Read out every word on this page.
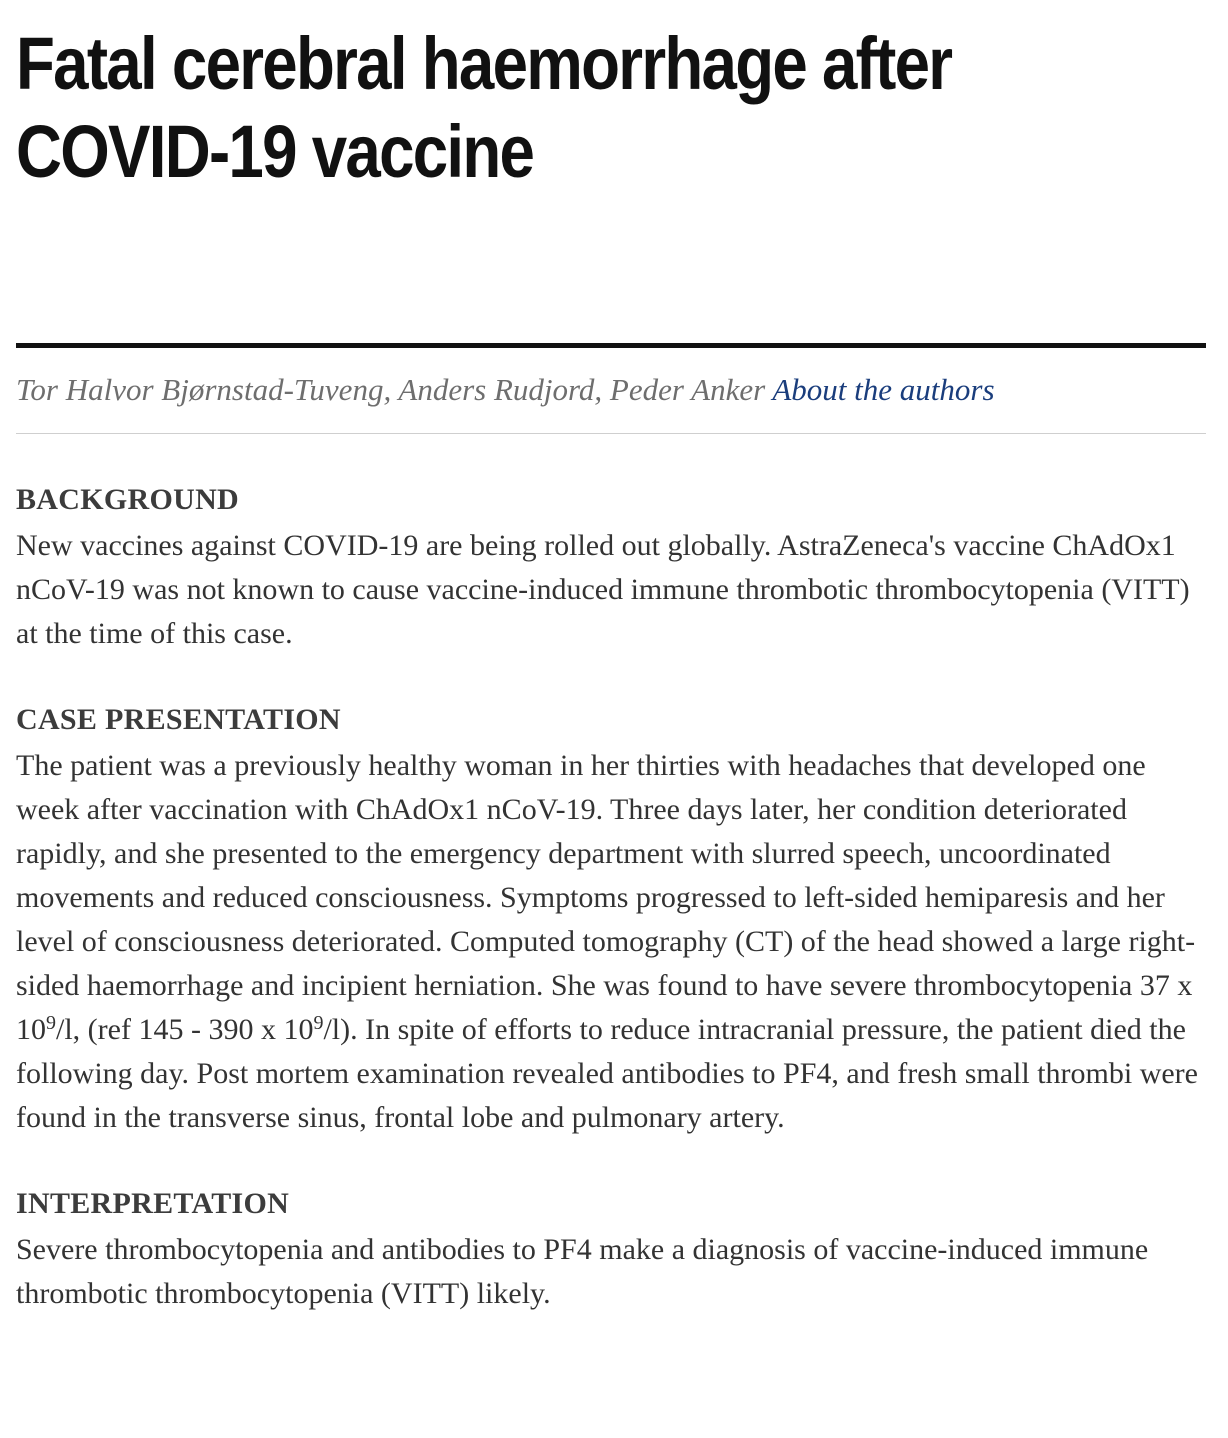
Fatal cerebral haemorrhage after
COVID-19 vaccine
Tor Halvor Bjørnstad-Tuveng, Anders Rudjord, Peder Anker About the authors
BACKGROUND

New vaccines against COVID-19 are being rolled out globally. AstraZeneca's vaccine ChAdOx1 nCoV-19 was not known to cause vaccine-induced immune thrombotic thrombocytopenia (VITT) at the time of this case.

CASE PRESENTATION

The patient was a previously healthy woman in her thirties with headaches that developed one week after vaccination with ChAdOx1 nCoV-19. Three days later, her condition deteriorated rapidly, and she presented to the emergency department with slurred speech, uncoordinated movements and reduced consciousness. Symptoms progressed to left-sided hemiparesis and her level of consciousness deteriorated. Computed tomography (CT) of the head showed a large right-sided haemorrhage and incipient herniation. She was found to have severe thrombocytopenia 37 x $10^9/l$, (ref 145 - 390 x $10^9/l$). In spite of efforts to reduce intracranial pressure, the patient died the following day. Post mortem examination revealed antibodies to PF4, and fresh small thrombi were found in the transverse sinus, frontal lobe and pulmonary artery.

INTERPRETATION

Severe thrombocytopenia and antibodies to PF4 make a diagnosis of vaccine-induced immune thrombotic thrombocytopenia (VITT) likely.
